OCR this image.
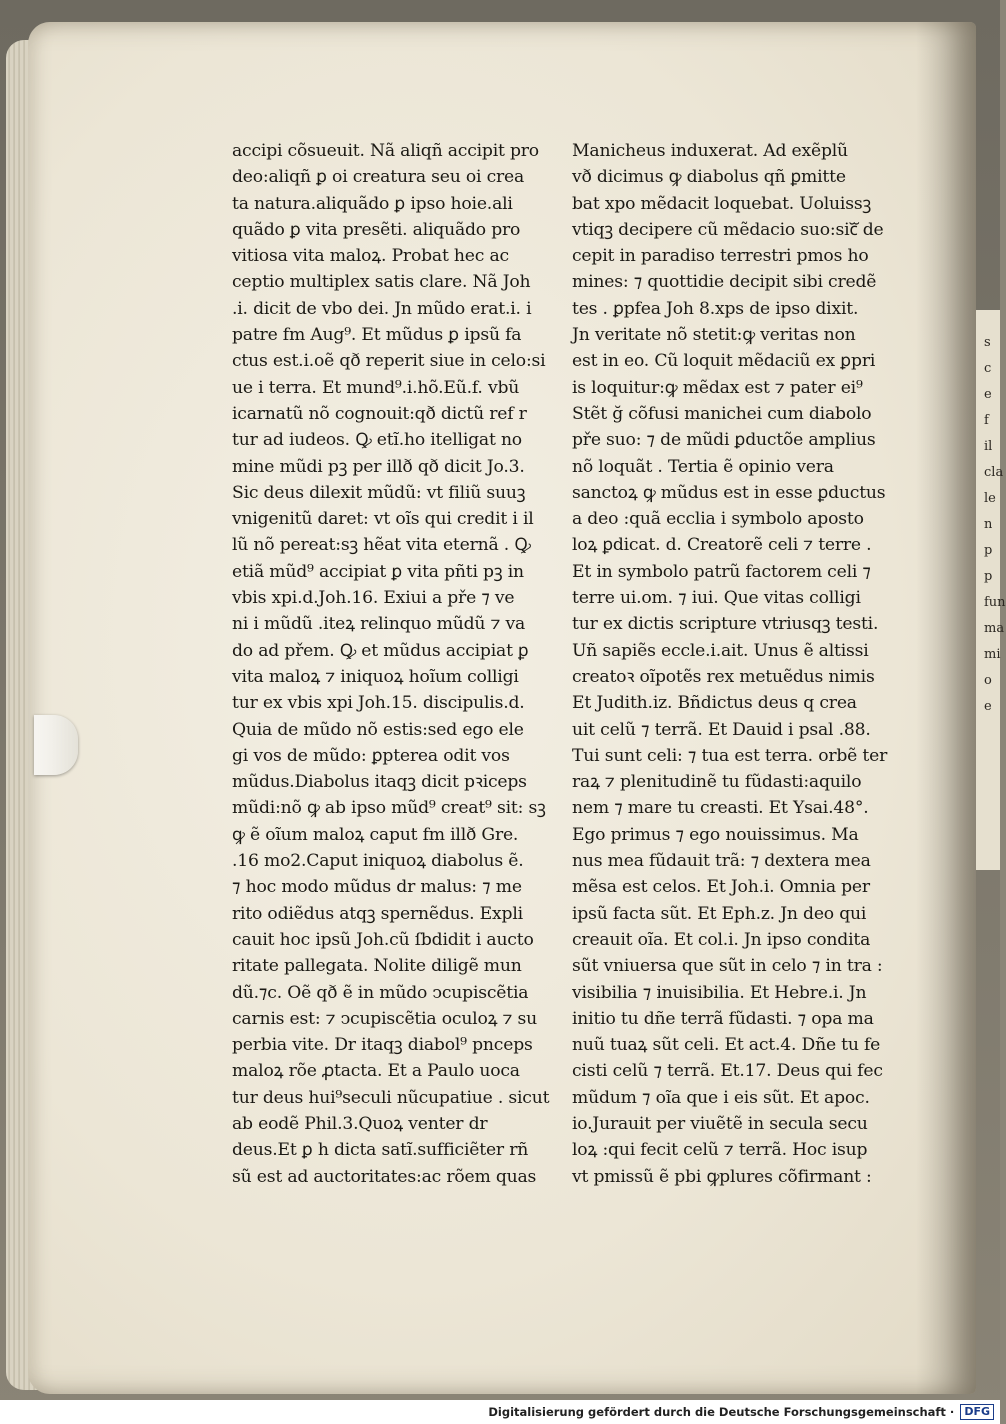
accipi cõsueuit. Nã aliqñ accipit pro
deo:aliqñ ꝑ oi creatura seu oi crea
ta natura.aliquãdo ꝑ ipso hoie.ali
quãdo ꝑ vita presẽti. aliquãdo pro
vitiosa vita maloꝝ. Probat hec ac
ceptio multiplex satis clare. Nã Joh
.i. dicit de vbo dei. Jn mũdo erat.i. i
patre fm Aug⁹. Et mũdus ꝑ ipsũ fa
ctus est.i.oẽ qð reperit siue in celo:si
ue i terra. Et mund⁹.i.hõ.Eũ.f. vbũ
icarnatũ nõ cognouit:qð dictũ ref r
tur ad iudeos. Ꝙ etĩ.ho itelligat no
mine mũdi pꝫ per illð qð dicit Jo.3.
Sic deus dilexit mũdũ: vt filiũ suuꝫ
vnigenitũ daret: vt oĩs qui credit i il
lũ nõ pereat:sꝫ hẽat vita eternã . Ꝙ
etiã mũd⁹ accipiat ꝑ vita pñti pꝫ in
vbis xpi.d.Joh.16. Exiui a pře ⁊ ve
ni i mũdũ .iteꝝ relinquo mũdũ ⁊ va
do ad přem. Ꝙ et mũdus accipiat ꝑ
vita maloꝝ ⁊ iniquoꝝ hoĩum colligi
tur ex vbis xpi Joh.15. discipulis.d.
Quia de mũdo nõ estis:sed ego ele
gi vos de mũdo: ꝑpterea odit vos
mũdus.Diabolus itaqꝫ dicit pꝛiceps
mũdi:nõ ꝙ ab ipso mũd⁹ creat⁹ sit: sꝫ
ꝙ ẽ oĩum maloꝝ caput fm illð Gre.
.16 mo2.Caput iniquoꝝ diabolus ẽ.
⁊ hoc modo mũdus dr malus: ⁊ me
rito odiẽdus atqꝫ spernẽdus. Expli
cauit hoc ipsũ Joh.cũ ſbdidit i aucto
ritate pallegata. Nolite diligẽ mun
dũ.⁊c. Oẽ qð ẽ in mũdo ↄcupiscẽtia
carnis est: ⁊ ↄcupiscẽtia oculoꝝ ⁊ su
perbia vite. Dr itaqꝫ diabol⁹ pnceps
maloꝝ rõe ꝓtacta. Et a Paulo uoca
tur deus hui⁹seculi nũcupatiue . sicut
ab eodẽ Phil.3.Quoꝝ venter dr
deus.Et ꝑ h dicta satĩ.sufficiẽter rñ
sũ est ad auctoritates:ac rõem quas
Manicheus induxerat. Ad exẽplũ
vð dicimus ꝙ diabolus qñ ꝑmitte
bat xpo mẽdacit loquebat. Uoluissꝫ
vtiqꝫ decipere cũ mẽdacio suo:sicᷓ de
cepit in paradiso terrestri pmos ho
mines: ⁊ quottidie decipit sibi credẽ
tes . ꝑpfea Joh 8.xps de ipso dixit.
Jn veritate nõ stetit:ꝙ veritas non
est in eo. Cũ loquit mẽdaciũ ex ꝑpri
is loquitur:ꝙ mẽdax est ⁊ pater ei⁹
Stẽt ğ cõfusi manichei cum diabolo
pře suo: ⁊ de mũdi ꝑductõe amplius
nõ loquãt . Tertia ẽ opinio vera
sanctoꝝ ꝙ mũdus est in esse ꝑductus
a deo :quã ecclia i symbolo aposto
loꝝ ꝑdicat. d. Creatorẽ celi ⁊ terre .
Et in symbolo patrũ factorem celi ⁊
terre ui.om. ⁊ iui. Que vitas colligi
tur ex dictis scripture vtriusqꝫ testi.
Uñ sapiẽs eccle.i.ait. Unus ẽ altissi
creatoꝛ oĩpotẽs rex metuẽdus nimis
Et Judith.iz. Bñdictus deus q crea
uit celũ ⁊ terrã. Et Dauid i psal .88.
Tui sunt celi: ⁊ tua est terra. orbẽ ter
raꝝ ⁊ plenitudinẽ tu fũdasti:aquilo
nem ⁊ mare tu creasti. Et Ysai.48°.
Ego primus ⁊ ego nouissimus. Ma
nus mea fũdauit trã: ⁊ dextera mea
mẽsa est celos. Et Joh.i. Omnia per
ipsũ facta sũt. Et Eph.z. Jn deo qui
creauit oĩa. Et col.i. Jn ipso condita
sũt vniuersa que sũt in celo ⁊ in tra :
visibilia ⁊ inuisibilia. Et Hebre.i. Jn
initio tu dñe terrã fũdasti. ⁊ opa ma
nuũ tuaꝝ sũt celi. Et act.4. Dñe tu fe
cisti celũ ⁊ terrã. Et.17. Deus qui fec
mũdum ⁊ oĩa que i eis sũt. Et apoc.
io.Jurauit per viuẽtẽ in secula secu
loꝝ :qui fecit celũ ⁊ terrã. Hoc isup
vt pmissũ ẽ pbi ꝙplures cõfirmant :
s
c
e
f
il
cla
le
n
p
p
fun
ma
mi
o
e
Digitalisierung gefördert durch die Deutsche Forschungsgemeinschaft · DFG
